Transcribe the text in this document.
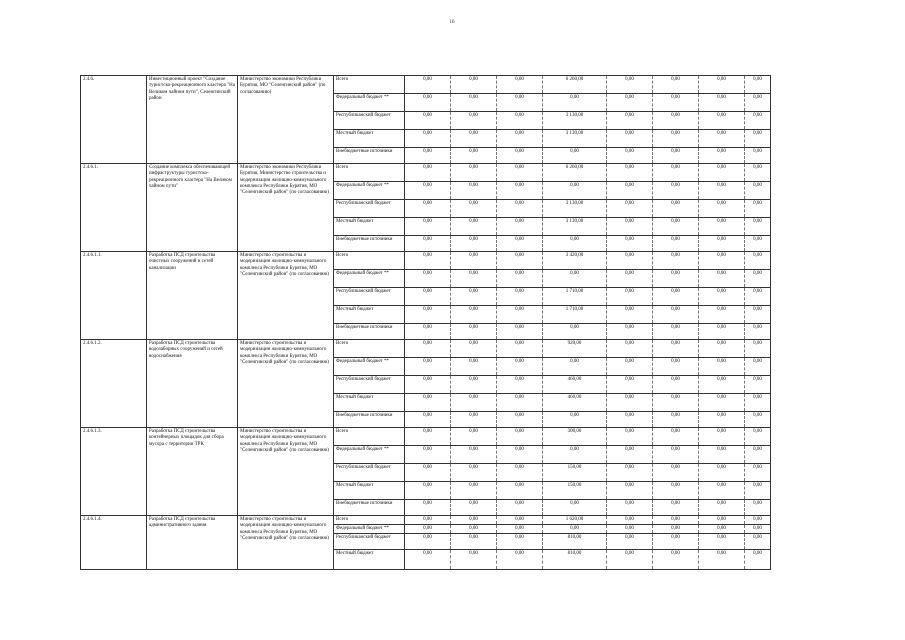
16
2.4.6.	Инвестиционный проект "Создание туристско-рекреационного кластера "На Великом чайном пути", Селенгинский район	Министерство экономики Республики Бурятия, МО "Селенгинский район" (по согласованию)	Всего	0,00	0,00	0,00	6 260,00	0,00	0,00	0,00	0,00	
			Федеральный бюджет **	0,00	0,00	0,00	0,00	0,00	0,00	0,00	0,00	
			Республиканский бюджет	0,00	0,00	0,00	3 130,00	0,00	0,00	0,00	0,00	
			Местный бюджет	0,00	0,00	0,00	3 130,00	0,00	0,00	0,00	0,00	
			Внебюджетные источники	0,00	0,00	0,00	0,00	0,00	0,00	0,00	0,00	
2.4.6.1.	Создание комплекса обеспечивающей инфраструктуры туристско-рекреационного кластера "На Великом чайном пути"	Министерство экономики Республики Бурятия, Министерство строительства и модернизации жилищно-коммунального комплекса Республики Бурятия, МО "Селенгинский район" (по согласованию)	Всего	0,00	0,00	0,00	6 260,00	0,00	0,00	0,00	0,00	
			Федеральный бюджет **	0,00	0,00	0,00	0,00	0,00	0,00	0,00	0,00	
			Республиканский бюджет	0,00	0,00	0,00	3 130,00	0,00	0,00	0,00	0,00	
			Местный бюджет	0,00	0,00	0,00	3 130,00	0,00	0,00	0,00	0,00	
			Внебюджетные источники	0,00	0,00	0,00	0,00	0,00	0,00	0,00	0,00	
2.4.6.1.1.	Разработка ПСД строительства очистных сооружений и сетей канализации	Министерство строительства и модернизации жилищно-коммунального комплекса Республики Бурятия, МО "Селенгинский район" (по согласованию)	Всего	0,00	0,00	0,00	3 420,00	0,00	0,00	0,00	0,00	
			Федеральный бюджет **	0,00	0,00	0,00	0,00	0,00	0,00	0,00	0,00	
			Республиканский бюджет	0,00	0,00	0,00	1 710,00	0,00	0,00	0,00	0,00	
			Местный бюджет	0,00	0,00	0,00	1 710,00	0,00	0,00	0,00	0,00	
			Внебюджетные источники	0,00	0,00	0,00	0,00	0,00	0,00	0,00	0,00	
2.4.6.1.2.	Разработка ПСД строительства водозаборных сооружений и сетей водоснабжения	Министерство строительства и модернизации жилищно-коммунального комплекса Республики Бурятия, МО "Селенгинский район" (по согласованию)	Всего	0,00	0,00	0,00	920,00	0,00	0,00	0,00	0,00	
			Федеральный бюджет **	0,00	0,00	0,00	0,00	0,00	0,00	0,00	0,00	
			Республиканский бюджет	0,00	0,00	0,00	460,00	0,00	0,00	0,00	0,00	
			Местный бюджет	0,00	0,00	0,00	460,00	0,00	0,00	0,00	0,00	
			Внебюджетные источники	0,00	0,00	0,00	0,00	0,00	0,00	0,00	0,00	
2.4.6.1.3.	Разработка ПСД строительства контейнерных площадок для сбора мусора с территории ТРК	Министерство строительства и модернизации жилищно-коммунального комплекса Республики Бурятия, МО "Селенгинский район" (по согласованию)	Всего	0,00	0,00	0,00	300,00	0,00	0,00	0,00	0,00	
			Федеральный бюджет **	0,00	0,00	0,00	0,00	0,00	0,00	0,00	0,00	
			Республиканский бюджет	0,00	0,00	0,00	150,00	0,00	0,00	0,00	0,00	
			Местный бюджет	0,00	0,00	0,00	150,00	0,00	0,00	0,00	0,00	
			Внебюджетные источники	0,00	0,00	0,00	0,00	0,00	0,00	0,00	0,00	
2.4.6.1.4.	Разработка ПСД строительства административного здания	Министерство строительства и модернизации жилищно-коммунального комплекса Республики Бурятия, МО "Селенгинский район" (по согласованию)	Всего	0,00	0,00	0,00	1 620,00	0,00	0,00	0,00	0,00	
			Федеральный бюджет **	0,00	0,00	0,00	0,00	0,00	0,00	0,00	0,00	
			Республиканский бюджет	0,00	0,00	0,00	810,00	0,00	0,00	0,00	0,00	
			Местный бюджет	0,00	0,00	0,00	810,00	0,00	0,00	0,00	0,00	
